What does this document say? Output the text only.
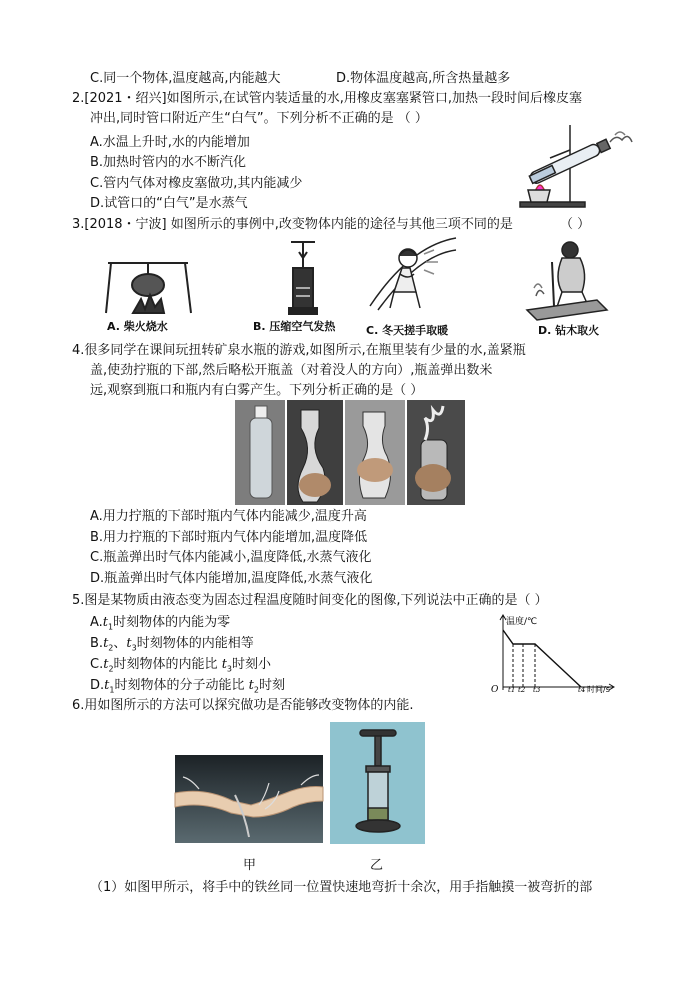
C.同一个物体,温度越高,内能越大	D.物体温度越高,所含热量越多
2.[2021・绍兴]如图所示,在试管内装适量的水,用橡皮塞塞紧管口,加热一段时间后橡皮塞
冲出,同时管口附近产生“白气”。下列分析不正确的是 （ ）
A.水温上升时,水的内能增加
B.加热时管内的水不断汽化
C.管内气体对橡皮塞做功,其内能减少
D.试管口的“白气”是水蒸气
3.[2018・宁波] 如图所示的事例中,改变物体内能的途径与其他三项不同的是	（ ）
A. 柴火烧水	B. 压缩空气发热	C. 冬天搓手取暖	D. 钻木取火
4.很多同学在课间玩扭转矿泉水瓶的游戏,如图所示,在瓶里装有少量的水,盖紧瓶
盖,使劲拧瓶的下部,然后略松开瓶盖（对着没人的方向）,瓶盖弹出数米
远,观察到瓶口和瓶内有白雾产生。下列分析正确的是（ ）
A.用力拧瓶的下部时瓶内气体内能减少,温度升高
B.用力拧瓶的下部时瓶内气体内能增加,温度降低
C.瓶盖弹出时气体内能减小,温度降低,水蒸气液化
D.瓶盖弹出时气体内能增加,温度降低,水蒸气液化
5.图是某物质由液态变为固态过程温度随时间变化的图像,下列说法中正确的是（ ）
$A.t_1$时刻物体的内能为零
$B.t_2$、$t_3$时刻物体的内能相等
$C.t_2$时刻物体的内能比 $t_3$时刻小
$D.t_1$时刻物体的分子动能比 $t_2$时刻
温度/℃
O t1 t2 t3	t4 时间/s
6.用如图所示的方法可以探究做功是否能够改变物体的内能.
甲	乙
（1）如图甲所示，将手中的铁丝同一位置快速地弯折十余次，用手指触摸一被弯折的部
